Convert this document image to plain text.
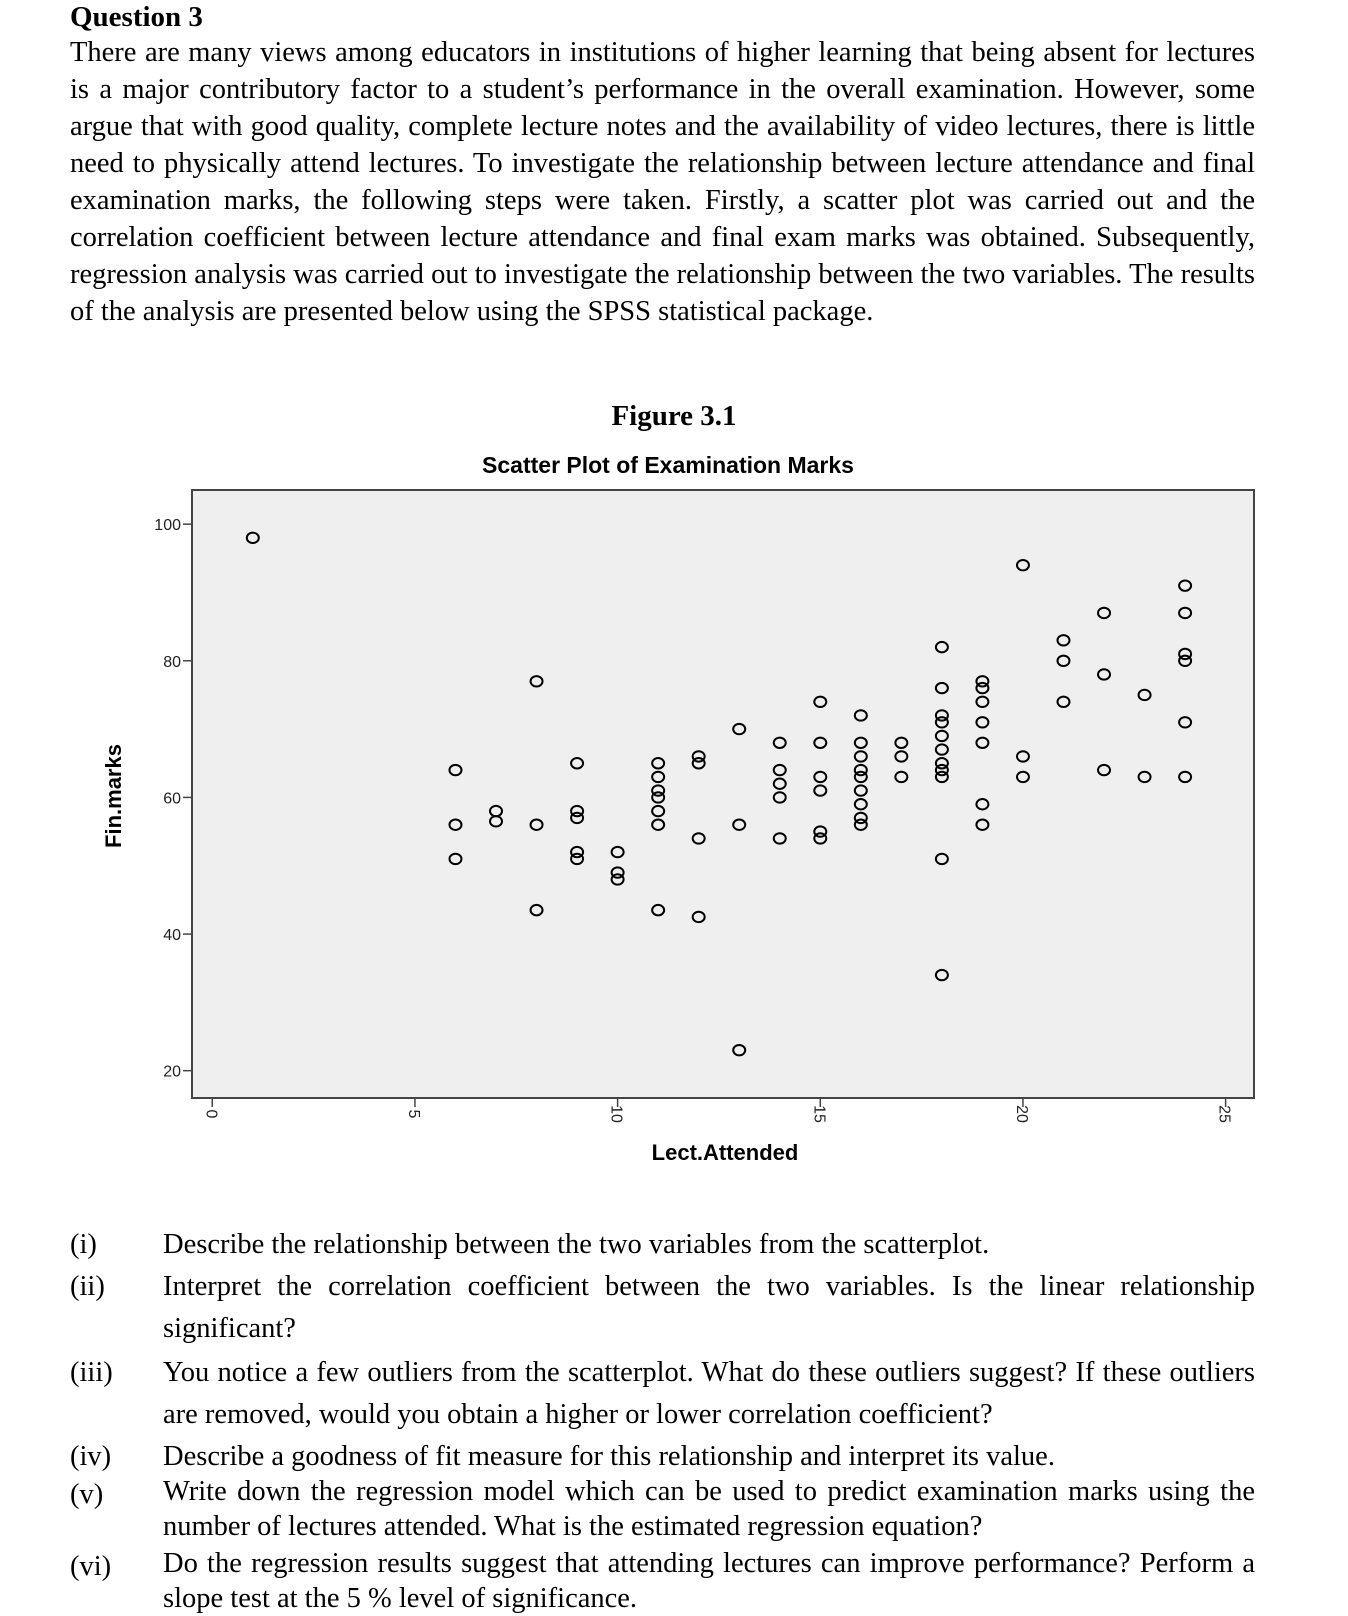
Question 3
There are many views among educators in institutions of higher learning that being absent for lectures is a major contributory factor to a student’s performance in the overall examination. However, some argue that with good quality, complete lecture notes and the availability of video lectures, there is little need to physically attend lectures. To investigate the relationship between lecture attendance and final examination marks, the following steps were taken. Firstly, a scatter plot was carried out and the correlation coefficient between lecture attendance and final exam marks was obtained. Subsequently, regression analysis was carried out to investigate the relationship between the two variables. The results of the analysis are presented below using the SPSS statistical package.
Figure 3.1
Scatter Plot of Examination Marks
20
40
60
80
100
0	5	10	15	20	25
Lect.Attended
Fin.marks
(i) Describe the relationship between the two variables from the scatterplot.
(ii) Interpret the correlation coefficient between the two variables. Is the linear relationship significant?
(iii) You notice a few outliers from the scatterplot. What do these outliers suggest? If these outliers are removed, would you obtain a higher or lower correlation coefficient?
(iv) Describe a goodness of fit measure for this relationship and interpret its value.
(v) Write down the regression model which can be used to predict examination marks using the number of lectures attended. What is the estimated regression equation?
(vi) Do the regression results suggest that attending lectures can improve performance? Perform a slope test at the 5 % level of significance.
